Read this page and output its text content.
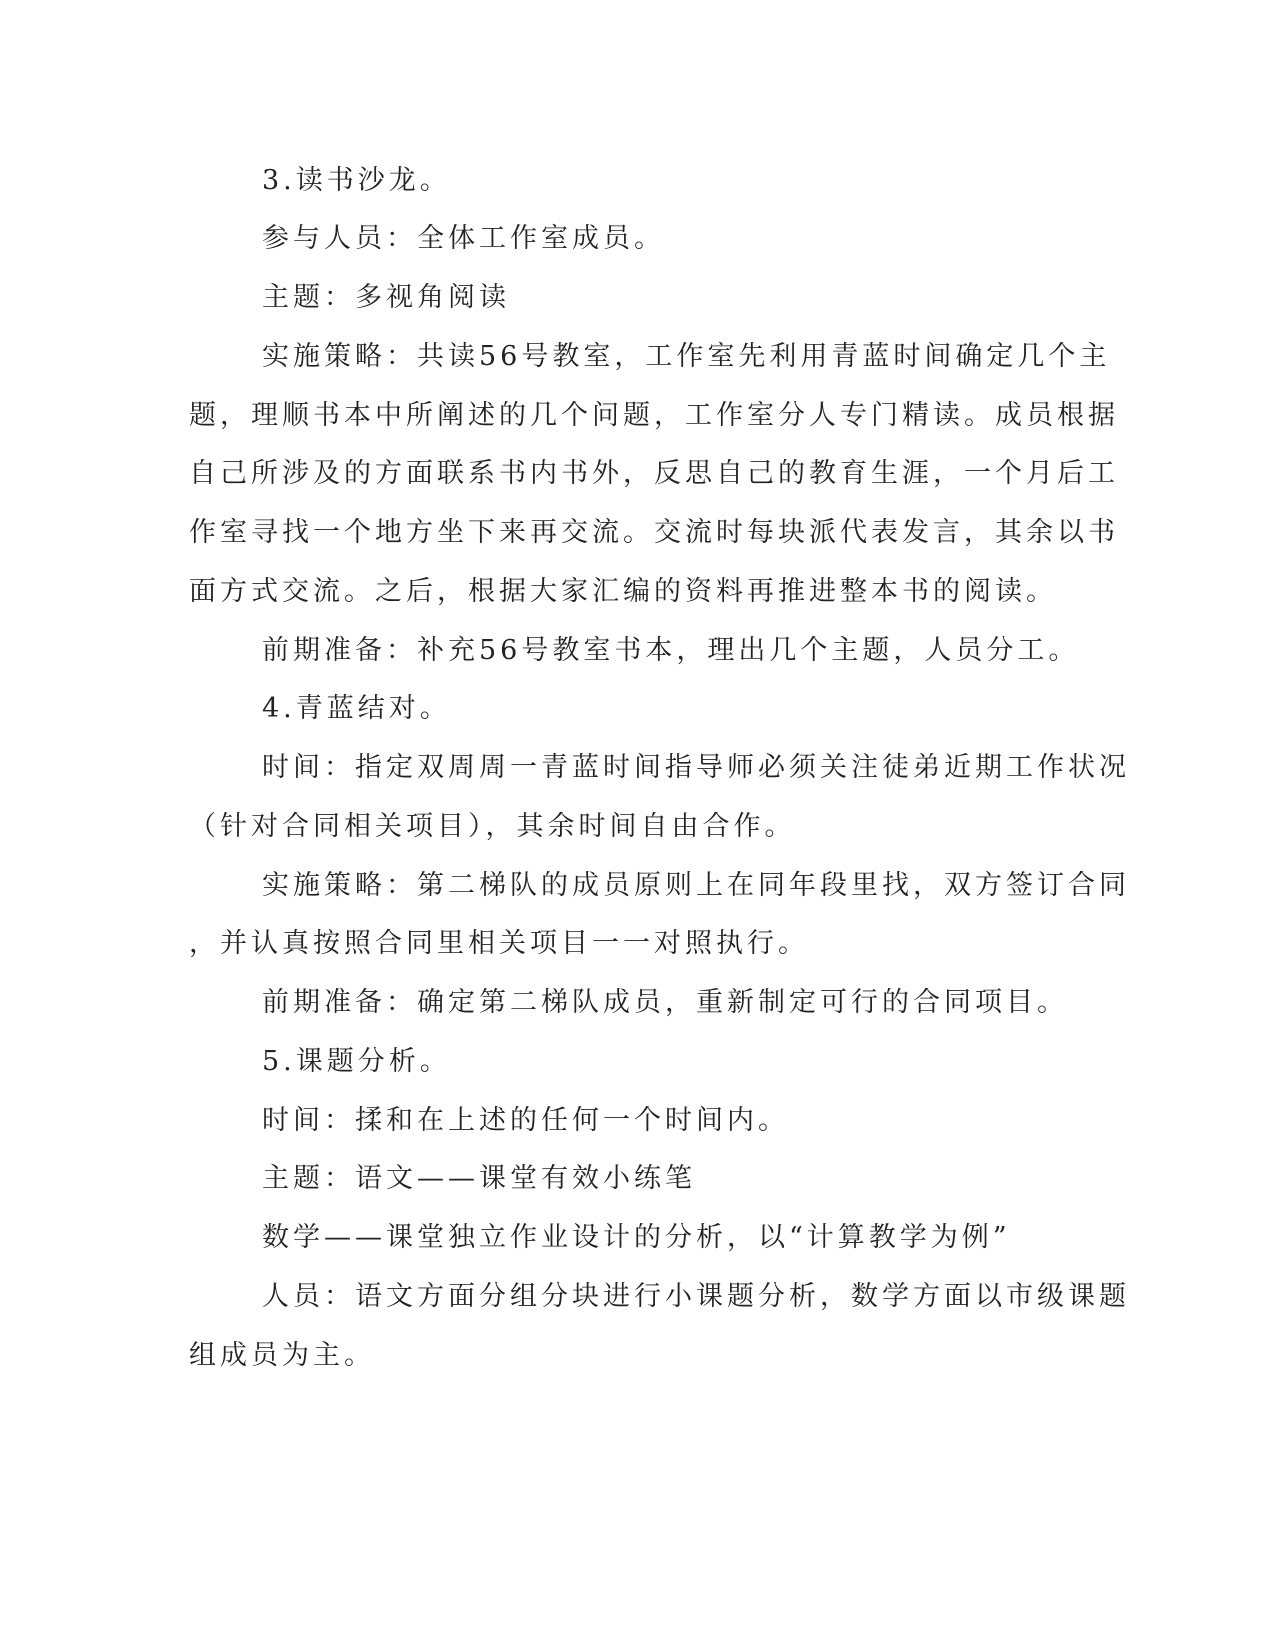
3.读书沙龙。
参与人员：全体工作室成员。
主题：多视角阅读
实施策略：共读56号教室，工作室先利用青蓝时间确定几个主
题，理顺书本中所阐述的几个问题，工作室分人专门精读。成员根据
自己所涉及的方面联系书内书外，反思自己的教育生涯，一个月后工
作室寻找一个地方坐下来再交流。交流时每块派代表发言，其余以书
面方式交流。之后，根据大家汇编的资料再推进整本书的阅读。
前期准备：补充56号教室书本，理出几个主题，人员分工。
4.青蓝结对。
时间：指定双周周一青蓝时间指导师必须关注徒弟近期工作状况
（针对合同相关项目），其余时间自由合作。
实施策略：第二梯队的成员原则上在同年段里找，双方签订合同
，并认真按照合同里相关项目一一对照执行。
前期准备：确定第二梯队成员，重新制定可行的合同项目。
5.课题分析。
时间：揉和在上述的任何一个时间内。
主题：语文——课堂有效小练笔
数学——课堂独立作业设计的分析，以“计算教学为例”
人员：语文方面分组分块进行小课题分析，数学方面以市级课题
组成员为主。
